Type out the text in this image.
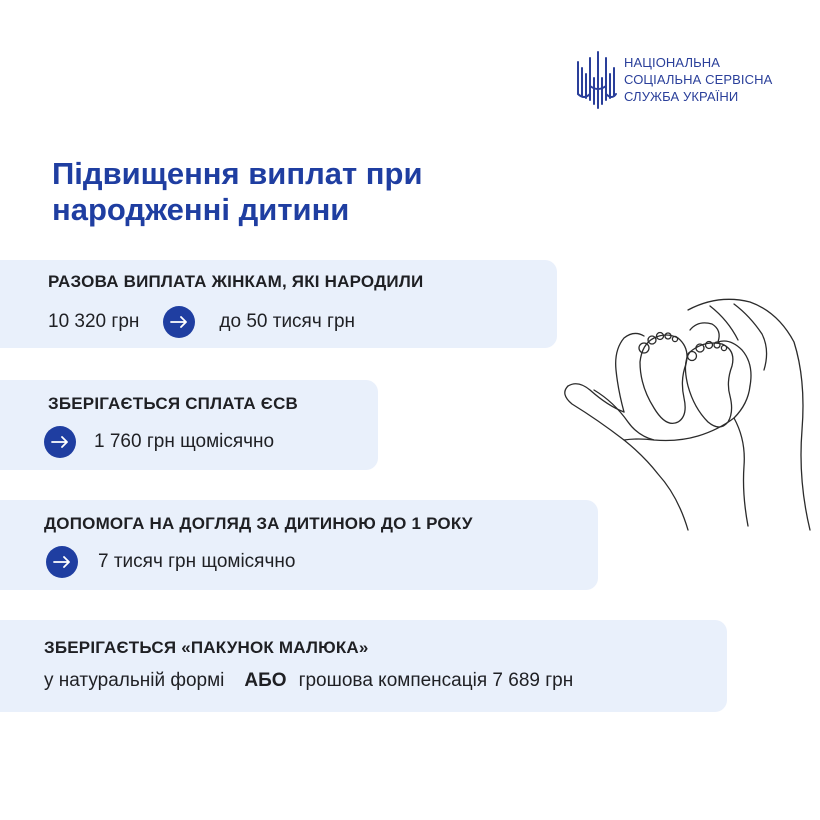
НАЦІОНАЛЬНА
СОЦІАЛЬНА СЕРВІСНА
СЛУЖБА УКРАЇНИ
Підвищення виплат при
народженні дитини
РАЗОВА ВИПЛАТА ЖІНКАМ, ЯКІ НАРОДИЛИ
10 320 грн	до 50 тисяч грн
ЗБЕРІГАЄТЬСЯ СПЛАТА ЄСВ
1 760 грн щомісячно
ДОПОМОГА НА ДОГЛЯД ЗА ДИТИНОЮ ДО 1 РОКУ
7 тисяч грн щомісячно
ЗБЕРІГАЄТЬСЯ «ПАКУНОК МАЛЮКА»
у натуральній формі АБО грошова компенсація 7 689 грн
